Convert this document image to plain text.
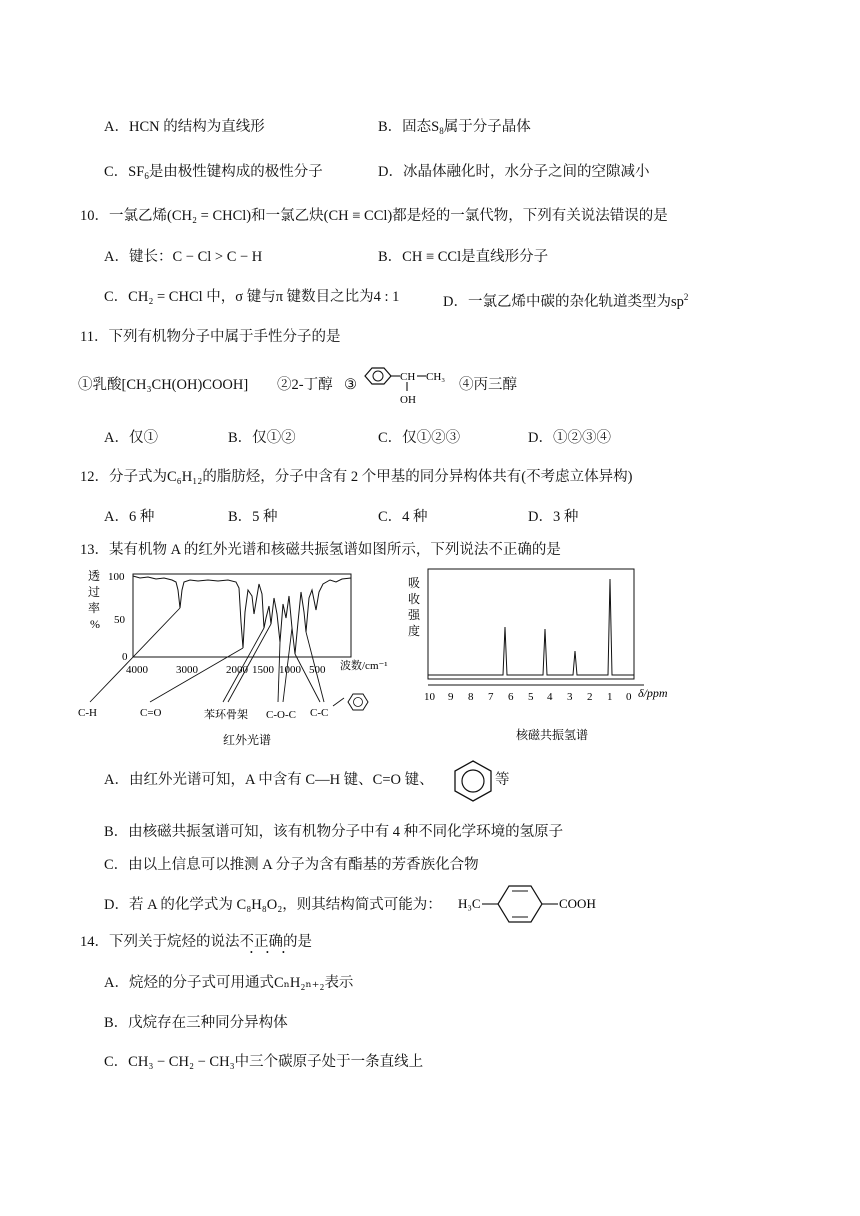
A．HCN 的结构为直线形	B．固态$S_8$属于分子晶体
C．$SF_6$是由极性键构成的极性分子	D．冰晶体融化时，水分子之间的空隙减小
10．一氯乙烯(CH₂ = CHCl)和一氯乙炔(CH ≡ CCl)都是烃的一氯代物，下列有关说法错误的是
A．键长：C − Cl > C − H	B．CH ≡ CCl是直线形分子
C．CH₂ = CHCl 中，σ 键与π 键数目之比为4 : 1	D．一氯乙烯中碳的杂化轨道类型为$sp^2$
11．下列有机物分子中属于手性分子的是
①乳酸[CH₃CH(OH)COOH] ②2-丁醇 ③	CH CH₃
OH
④丙三醇
A．仅①	B．仅①②	C．仅①②③	D．①②③④
12．分子式为C₆H₁₂的脂肪烃，分子中含有 2 个甲基的同分异构体共有(不考虑立体异构)
A．6 种	B．5 种	C．4 种	D．3 种
13．某有机物 A 的红外光谱和核磁共振氢谱如图所示，下列说法不正确的是
透
过
率
%
100
50
0
4000	3000	2000 1500 1000 500 波数/cm⁻¹
C-H	C=O	苯环骨架 C-O-C C-C
红外光谱
吸
收
强
度
10 9 8 7 6 5 4 3 2 1 0 δ/ppm
核磁共振氢谱
A．由红外光谱可知，A 中含有 C—H 键、C=O 键、	等
B．由核磁共振氢谱可知，该有机物分子中有 4 种不同化学环境的氢原子
C．由以上信息可以推测 A 分子为含有酯基的芳香族化合物
D．若 A 的化学式为 C₈H₈O₂，则其结构简式可能为： H₃C	COOH
14．下列关于烷烃的说法不正确的是
• • •
A．烷烃的分子式可用通式CₙH₂ₙ₊₂表示
B．戊烷存在三种同分异构体
C．CH₃ − CH₂ − CH₃中三个碳原子处于一条直线上
